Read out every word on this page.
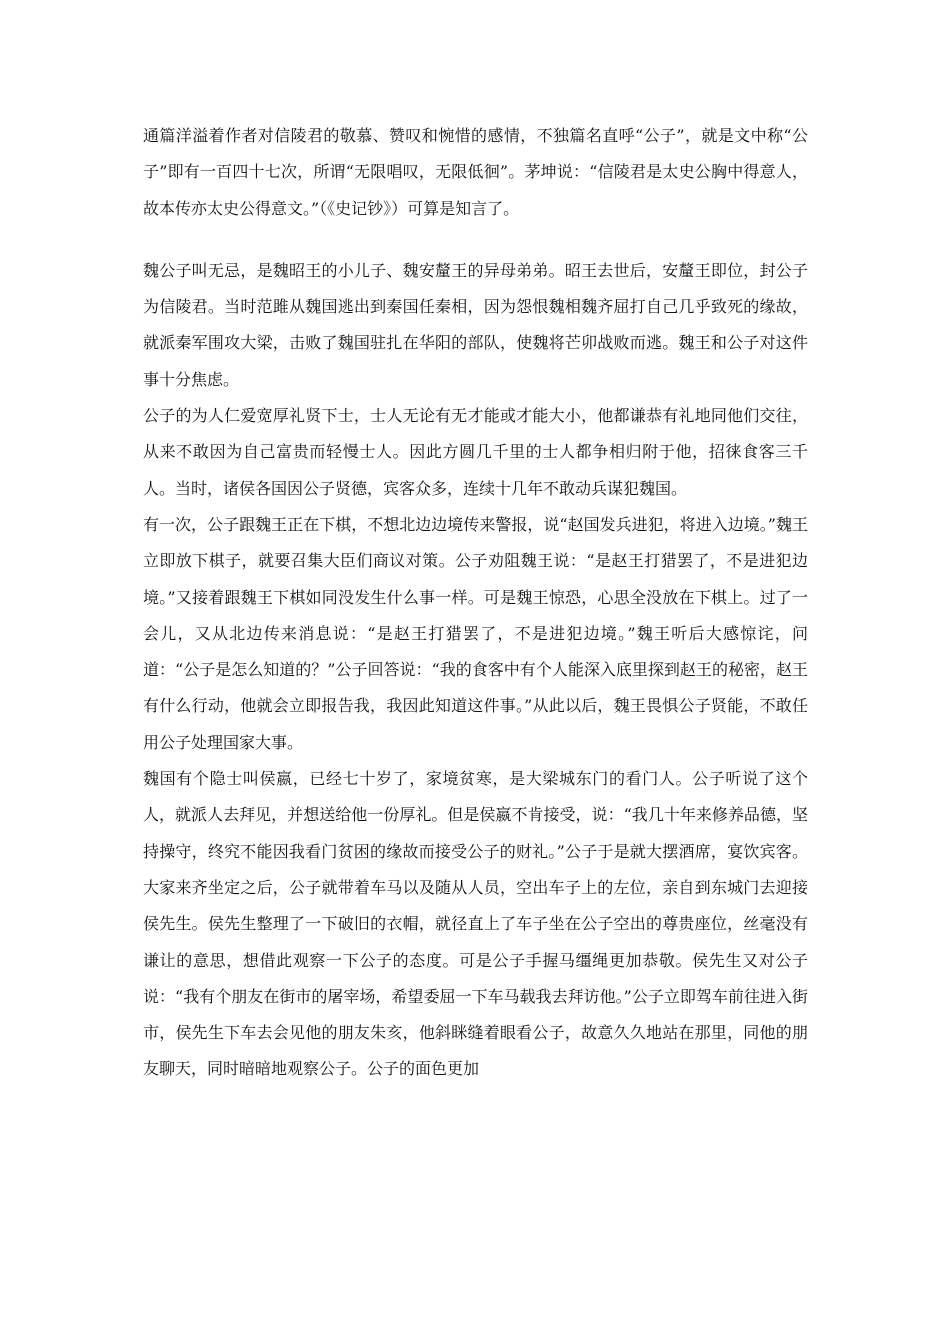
通篇洋溢着作者对信陵君的敬慕、赞叹和惋惜的感情，不独篇名直呼“公子”，就是文中称“公子”即有一百四十七次，所谓“无限唱叹，无限低徊”。茅坤说：“信陵君是太史公胸中得意人，故本传亦太史公得意文。”（《史记钞》）可算是知言了。

魏公子叫无忌，是魏昭王的小儿子、魏安釐王的异母弟弟。昭王去世后，安釐王即位，封公子为信陵君。当时范雎从魏国逃出到秦国任秦相，因为怨恨魏相魏齐屈打自己几乎致死的缘故，就派秦军围攻大梁，击败了魏国驻扎在华阳的部队，使魏将芒卯战败而逃。魏王和公子对这件事十分焦虑。

公子的为人仁爱宽厚礼贤下士，士人无论有无才能或才能大小，他都谦恭有礼地同他们交往，从来不敢因为自己富贵而轻慢士人。因此方圆几千里的士人都争相归附于他，招徕食客三千人。当时，诸侯各国因公子贤德，宾客众多，连续十几年不敢动兵谋犯魏国。

有一次，公子跟魏王正在下棋，不想北边边境传来警报，说“赵国发兵进犯，将进入边境。”魏王立即放下棋子，就要召集大臣们商议对策。公子劝阻魏王说：“是赵王打猎罢了，不是进犯边境。”又接着跟魏王下棋如同没发生什么事一样。可是魏王惊恐，心思全没放在下棋上。过了一会儿，又从北边传来消息说：“是赵王打猎罢了，不是进犯边境。”魏王听后大感惊诧，问道：“公子是怎么知道的？”公子回答说：“我的食客中有个人能深入底里探到赵王的秘密，赵王有什么行动，他就会立即报告我，我因此知道这件事。”从此以后，魏王畏惧公子贤能，不敢任用公子处理国家大事。

魏国有个隐士叫侯嬴，已经七十岁了，家境贫寒，是大梁城东门的看门人。公子听说了这个人，就派人去拜见，并想送给他一份厚礼。但是侯嬴不肯接受，说：“我几十年来修养品德，坚持操守，终究不能因我看门贫困的缘故而接受公子的财礼。”公子于是就大摆酒席，宴饮宾客。大家来齐坐定之后，公子就带着车马以及随从人员，空出车子上的左位，亲自到东城门去迎接侯先生。侯先生整理了一下破旧的衣帽，就径直上了车子坐在公子空出的尊贵座位，丝毫没有谦让的意思，想借此观察一下公子的态度。可是公子手握马缰绳更加恭敬。侯先生又对公子说：“我有个朋友在街市的屠宰场，希望委屈一下车马载我去拜访他。”公子立即驾车前往进入街市，侯先生下车去会见他的朋友朱亥，他斜眯缝着眼看公子，故意久久地站在那里，同他的朋友聊天，同时暗暗地观察公子。公子的面色更加
